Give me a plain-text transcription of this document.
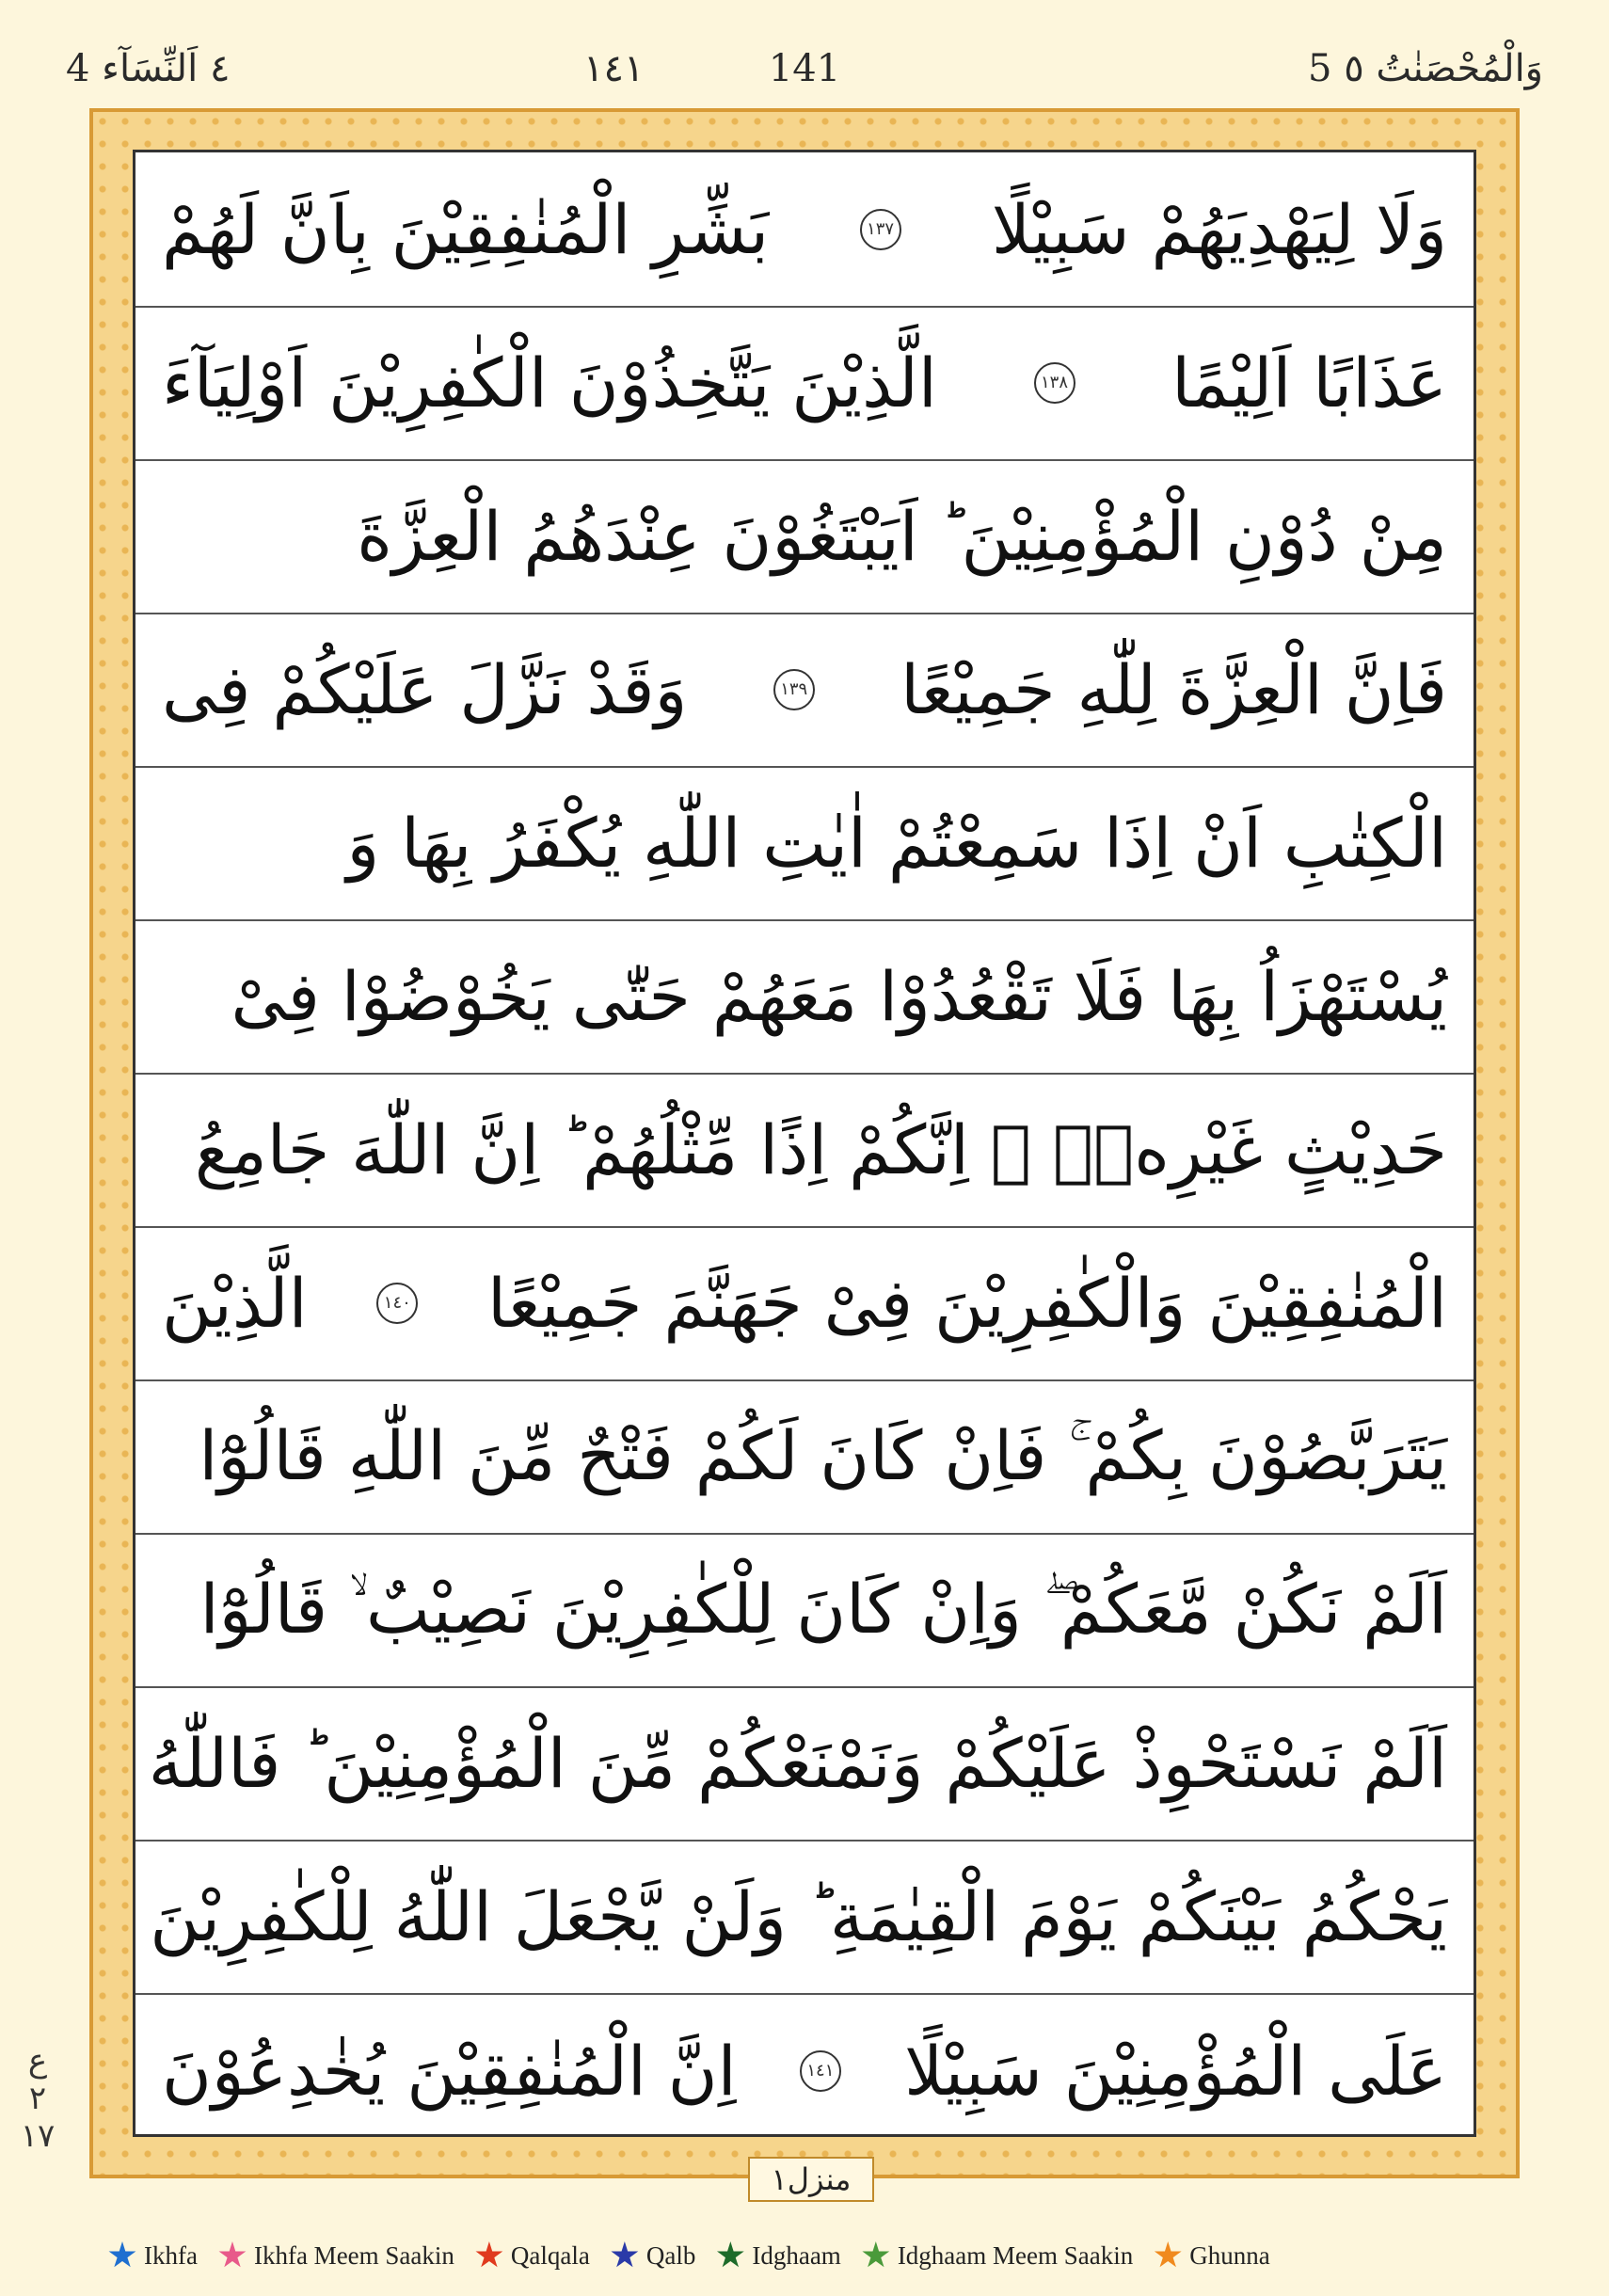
5 وَالْمُحْصَنٰتُ ٥
141
١٤١
٤ اَلنِّسَآء 4
وَلَا لِيَهْدِيَهُمْ سَبِيْلًا
١٣٧
بَشِّرِ الْمُنٰفِقِيْنَ بِاَنَّ لَهُمْ
عَذَابًا اَلِيْمًا
١٣٨
الَّذِيْنَ يَتَّخِذُوْنَ الْكٰفِرِيْنَ اَوْلِيَآءَ
مِنْ دُوْنِ الْمُؤْمِنِيْنَ ؕ اَيَبْتَغُوْنَ عِنْدَهُمُ الْعِزَّةَ
فَاِنَّ الْعِزَّةَ لِلّٰهِ جَمِيْعًا
١٣٩
وَقَدْ نَزَّلَ عَلَيْكُمْ فِى
الْكِتٰبِ اَنْ اِذَا سَمِعْتُمْ اٰيٰتِ اللّٰهِ يُكْفَرُ بِهَا وَ
يُسْتَهْزَاُ بِهَا فَلَا تَقْعُدُوْا مَعَهُمْ حَتّٰى يَخُوْضُوْا فِىْ
حَدِيْثٍ غَيْرِهٖۤ ۖ اِنَّكُمْ اِذًا مِّثْلُهُمْ ؕ اِنَّ اللّٰهَ جَامِعُ
الْمُنٰفِقِيْنَ وَالْكٰفِرِيْنَ فِىْ جَهَنَّمَ جَمِيْعًا
١٤٠
الَّذِيْنَ
يَتَرَبَّصُوْنَ بِكُمْ ۚ فَاِنْ كَانَ لَكُمْ فَتْحٌ مِّنَ اللّٰهِ قَالُوْٓا
اَلَمْ نَكُنْ مَّعَكُمْ ۖ وَاِنْ كَانَ لِلْكٰفِرِيْنَ نَصِيْبٌ ۙ قَالُوْٓا
اَلَمْ نَسْتَحْوِذْ عَلَيْكُمْ وَنَمْنَعْكُمْ مِّنَ الْمُؤْمِنِيْنَ ؕ فَاللّٰهُ
يَحْكُمُ بَيْنَكُمْ يَوْمَ الْقِيٰمَةِ ؕ وَلَنْ يَّجْعَلَ اللّٰهُ لِلْكٰفِرِيْنَ
عَلَى الْمُؤْمِنِيْنَ سَبِيْلًا
١٤١
اِنَّ الْمُنٰفِقِيْنَ يُخٰدِعُوْنَ
منزل۱
ع ٢ ١٧
Ikhfa Ikhfa Meem Saakin Qalqala Qalb Idghaam Idghaam Meem Saakin Ghunna
